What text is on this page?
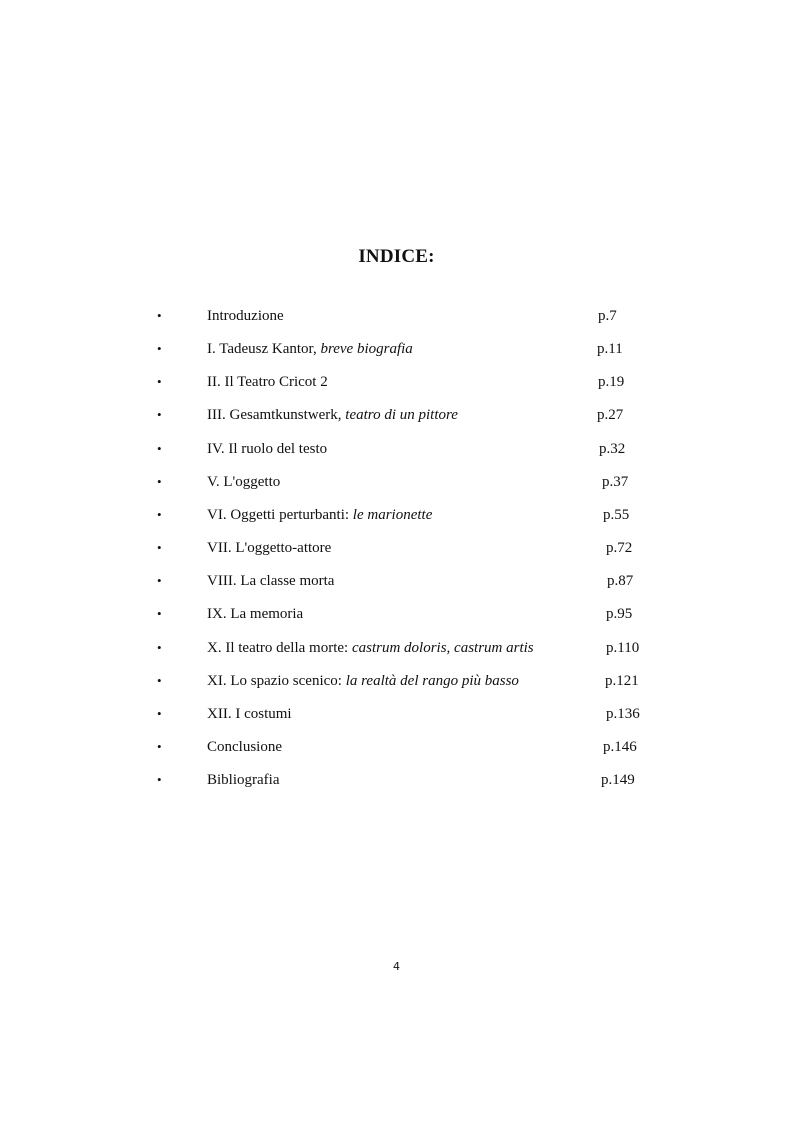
INDICE:
•	Introduzione	p.7
•	I. Tadeusz Kantor, breve biografia	p.11
•	II. Il Teatro Cricot 2	p.19
•	III. Gesamtkunstwerk, teatro di un pittore	p.27
•	IV. Il ruolo del testo	p.32
•	V. L'oggetto	p.37
•	VI. Oggetti perturbanti: le marionette	p.55
•	VII. L'oggetto-attore	p.72
•	VIII. La classe morta	p.87
•	IX. La memoria	p.95
•	X. Il teatro della morte: castrum doloris, castrum artis	p.110
•	XI. Lo spazio scenico: la realtà del rango più basso	p.121
•	XII. I costumi	p.136
•	Conclusione	p.146
•	Bibliografia	p.149
4
